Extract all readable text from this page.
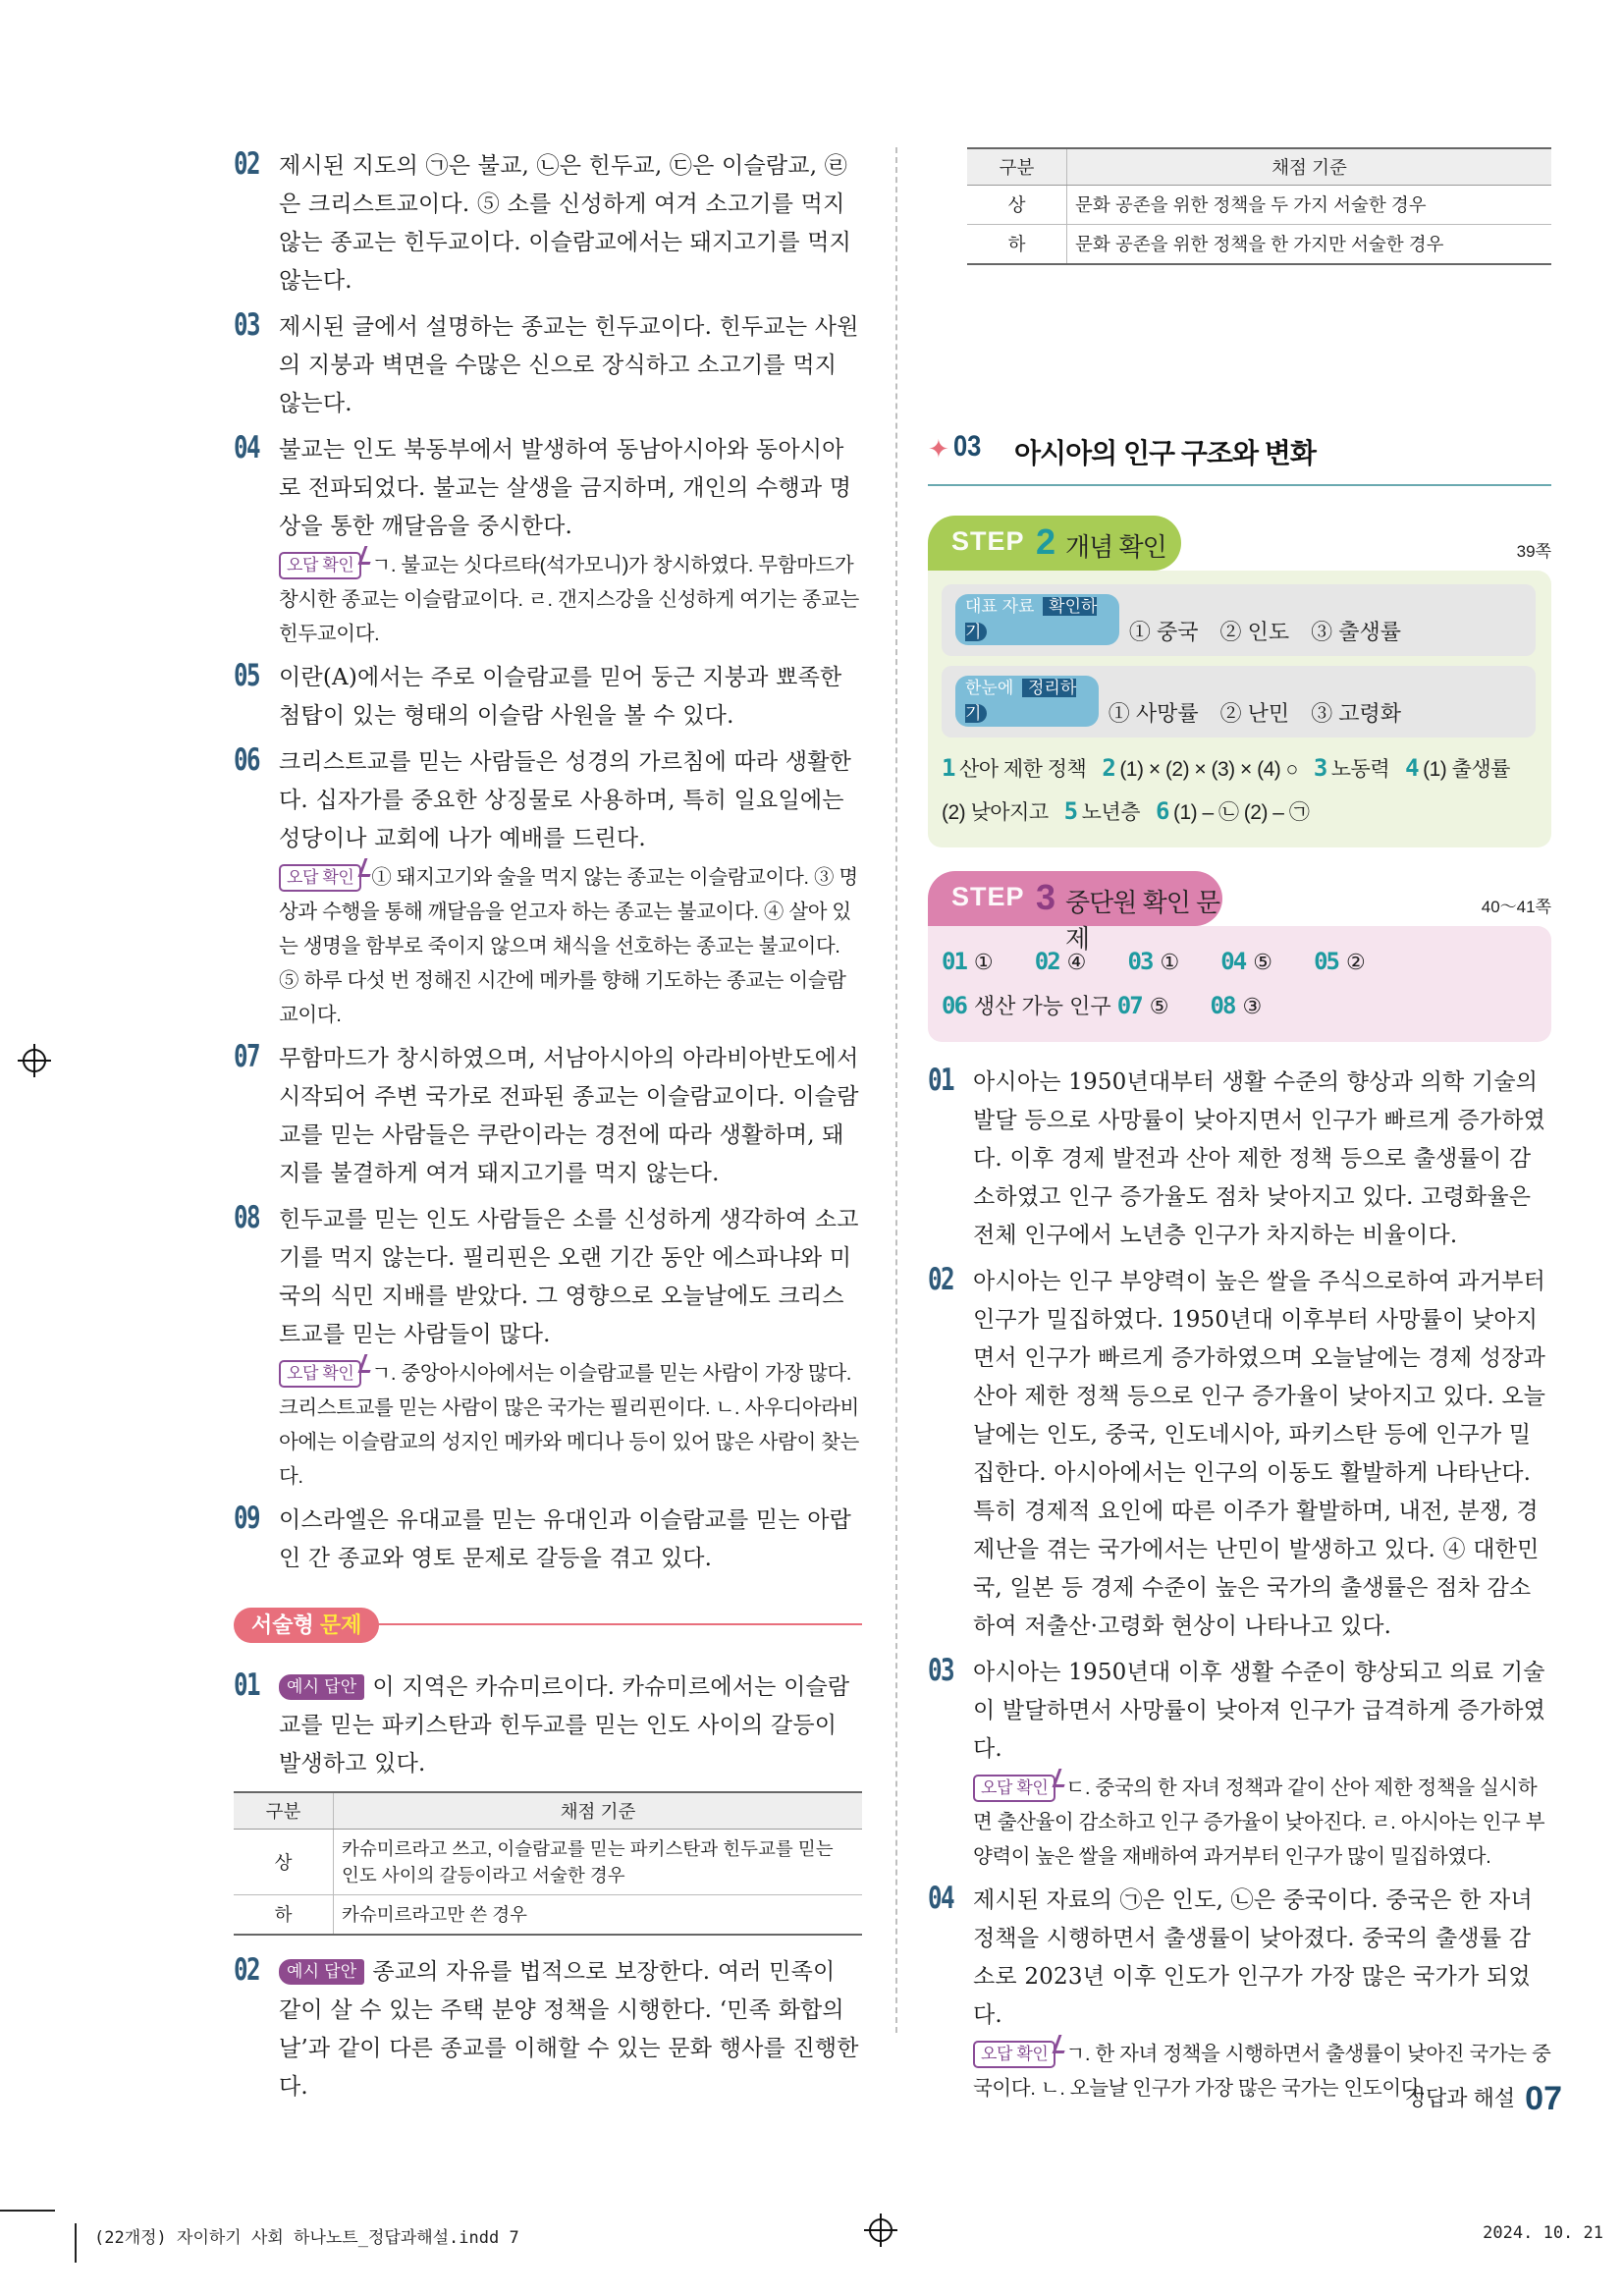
02 제시된 지도의 ㉠은 불교, ㉡은 힌두교, ㉢은 이슬람교, ㉣은 크리스트교이다. ⑤ 소를 신성하게 여겨 소고기를 먹지 않는 종교는 힌두교이다. 이슬람교에서는 돼지고기를 먹지 않는다.
03 제시된 글에서 설명하는 종교는 힌두교이다. 힌두교는 사원의 지붕과 벽면을 수많은 신으로 장식하고 소고기를 먹지 않는다.
04 불교는 인도 북동부에서 발생하여 동남아시아와 동아시아로 전파되었다. 불교는 살생을 금지하며, 개인의 수행과 명상을 통한 깨달음을 중시한다.
오답 확인 ㄱ. 불교는 싯다르타(석가모니)가 창시하였다. 무함마드가 창시한 종교는 이슬람교이다. ㄹ. 갠지스강을 신성하게 여기는 종교는 힌두교이다.
05 이란(A)에서는 주로 이슬람교를 믿어 둥근 지붕과 뾰족한 첨탑이 있는 형태의 이슬람 사원을 볼 수 있다.
06 크리스트교를 믿는 사람들은 성경의 가르침에 따라 생활한다. 십자가를 중요한 상징물로 사용하며, 특히 일요일에는 성당이나 교회에 나가 예배를 드린다.
오답 확인 ① 돼지고기와 술을 먹지 않는 종교는 이슬람교이다. ③ 명상과 수행을 통해 깨달음을 얻고자 하는 종교는 불교이다. ④ 살아 있는 생명을 함부로 죽이지 않으며 채식을 선호하는 종교는 불교이다. ⑤ 하루 다섯 번 정해진 시간에 메카를 향해 기도하는 종교는 이슬람교이다.
07 무함마드가 창시하였으며, 서남아시아의 아라비아반도에서 시작되어 주변 국가로 전파된 종교는 이슬람교이다. 이슬람교를 믿는 사람들은 쿠란이라는 경전에 따라 생활하며, 돼지를 불결하게 여겨 돼지고기를 먹지 않는다.
08 힌두교를 믿는 인도 사람들은 소를 신성하게 생각하여 소고기를 먹지 않는다. 필리핀은 오랜 기간 동안 에스파냐와 미국의 식민 지배를 받았다. 그 영향으로 오늘날에도 크리스트교를 믿는 사람들이 많다.
오답 확인 ㄱ. 중앙아시아에서는 이슬람교를 믿는 사람이 가장 많다. 크리스트교를 믿는 사람이 많은 국가는 필리핀이다. ㄴ. 사우디아라비아에는 이슬람교의 성지인 메카와 메디나 등이 있어 많은 사람이 찾는다.
09 이스라엘은 유대교를 믿는 유대인과 이슬람교를 믿는 아랍인 간 종교와 영토 문제로 갈등을 겪고 있다.
서술형 문제
01 예시 답안 이 지역은 카슈미르이다. 카슈미르에서는 이슬람교를 믿는 파키스탄과 힌두교를 믿는 인도 사이의 갈등이 발생하고 있다.
구분	채점 기준
상	카슈미르라고 쓰고, 이슬람교를 믿는 파키스탄과 힌두교를 믿는 인도 사이의 갈등이라고 서술한 경우
하	카슈미르라고만 쓴 경우
02 예시 답안 종교의 자유를 법적으로 보장한다. 여러 민족이 같이 살 수 있는 주택 분양 정책을 시행한다. ‘민족 화합의 날’과 같이 다른 종교를 이해할 수 있는 문화 행사를 진행한다.
구분	채점 기준
상	문화 공존을 위한 정책을 두 가지 서술한 경우
하	문화 공존을 위한 정책을 한 가지만 서술한 경우
✦ 03 아시아의 인구 구조와 변화
STEP 2 개념 확인	39쪽
대표 자료 확인하기	① 중국　② 인도　③ 출생률
한눈에 정리하기	① 사망률　② 난민　③ 고령화
1 산아 제한 정책 2 (1) × (2) × (3) × (4) ○ 3 노동력 4 (1) 출생률 (2) 낮아지고 5 노년층 6 (1) – ㉡ (2) – ㉠
STEP 3 중단원 확인 문제
40～41쪽
01 ① 02 ④ 03 ① 04 ⑤ 05 ② 06 생산 가능 인구 07 ⑤ 08 ③
01 아시아는 1950년대부터 생활 수준의 향상과 의학 기술의 발달 등으로 사망률이 낮아지면서 인구가 빠르게 증가하였다. 이후 경제 발전과 산아 제한 정책 등으로 출생률이 감소하였고 인구 증가율도 점차 낮아지고 있다. 고령화율은 전체 인구에서 노년층 인구가 차지하는 비율이다.
02 아시아는 인구 부양력이 높은 쌀을 주식으로하여 과거부터 인구가 밀집하였다. 1950년대 이후부터 사망률이 낮아지면서 인구가 빠르게 증가하였으며 오늘날에는 경제 성장과 산아 제한 정책 등으로 인구 증가율이 낮아지고 있다. 오늘날에는 인도, 중국, 인도네시아, 파키스탄 등에 인구가 밀집한다. 아시아에서는 인구의 이동도 활발하게 나타난다. 특히 경제적 요인에 따른 이주가 활발하며, 내전, 분쟁, 경제난을 겪는 국가에서는 난민이 발생하고 있다. ④ 대한민국, 일본 등 경제 수준이 높은 국가의 출생률은 점차 감소하여 저출산·고령화 현상이 나타나고 있다.
03 아시아는 1950년대 이후 생활 수준이 향상되고 의료 기술이 발달하면서 사망률이 낮아져 인구가 급격하게 증가하였다.
오답 확인 ㄷ. 중국의 한 자녀 정책과 같이 산아 제한 정책을 실시하면 출산율이 감소하고 인구 증가율이 낮아진다. ㄹ. 아시아는 인구 부양력이 높은 쌀을 재배하여 과거부터 인구가 많이 밀집하였다.
04 제시된 자료의 ㉠은 인도, ㉡은 중국이다. 중국은 한 자녀 정책을 시행하면서 출생률이 낮아졌다. 중국의 출생률 감소로 2023년 이후 인도가 인구가 가장 많은 국가가 되었다.
오답 확인 ㄱ. 한 자녀 정책을 시행하면서 출생률이 낮아진 국가는 중국이다. ㄴ. 오늘날 인구가 가장 많은 국가는 인도이다.
정답과 해설 07
(22개정) 자이하기 사회 하나노트_정답과해설.indd 7	2024. 10. 21
